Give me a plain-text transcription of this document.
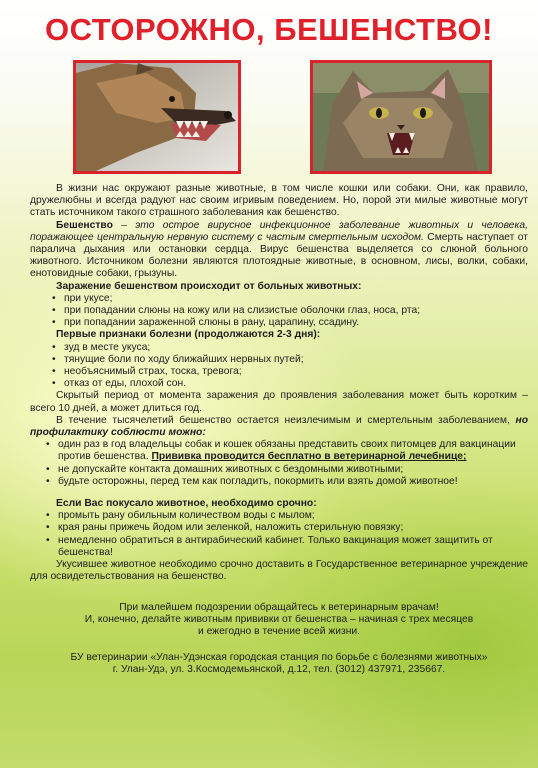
ОСТОРОЖНО, БЕШЕНСТВО!

В жизни нас окружают разные животные, в том числе кошки или собаки. Они, как правило, дружелюбны и всегда радуют нас своим игривым поведением. Но, порой эти милые животные могут стать источником такого страшного заболевания как бешенство.

Бешенство – это острое вирусное инфекционное заболевание животных и человека, поражающее центральную нервную систему с частым смертельным исходом. Смерть наступает от паралича дыхания или остановки сердца. Вирус бешенства выделяется со слюной больного животного. Источником болезни являются плотоядные животные, в основном, лисы, волки, собаки, енотовидные собаки, грызуны.

Заражение бешенством происходит от больных животных:

• при укусе;
• при попадании слюны на кожу или на слизистые оболочки глаз, носа, рта;
• при попадании зараженной слюны в рану, царапину, ссадину.

Первые признаки болезни (продолжаются 2-3 дня):

• зуд в месте укуса;
• тянущие боли по ходу ближайших нервных путей;
• необъяснимый страх, тоска, тревога;
• отказ от еды, плохой сон.

Скрытый период от момента заражения до проявления заболевания может быть коротким – всего 10 дней, а может длиться год.

В течение тысячелетий бешенство остается неизлечимым и смертельным заболеванием, но профилактику соблюсти можно:

• один раз в год владельцы собак и кошек обязаны представить своих питомцев для вакцинации против бешенства. Прививка проводится бесплатно в ветеринарной лечебнице;
• не допускайте контакта домашних животных с бездомными животными;
• будьте осторожны, перед тем как погладить, покормить или взять домой животное!

Если Вас покусало животное, необходимо срочно:

• промыть рану обильным количеством воды с мылом;
• края раны прижечь йодом или зеленкой, наложить стерильную повязку;
• немедленно обратиться в антирабический кабинет. Только вакцинация может защитить от бешенства!

Укусившее животное необходимо срочно доставить в Государственное ветеринарное учреждение для освидетельствования на бешенство.

При малейшем подозрении обращайтесь к ветеринарным врачам!

И, конечно, делайте животным прививки от бешенства – начиная с трех месяцев

и ежегодно в течение всей жизни.

БУ ветеринарии «Улан-Удэнская городская станция по борьбе с болезнями животных»

г. Улан-Удэ, ул. 3.Космодемьянской, д.12, тел. (3012) 437971, 235667.
